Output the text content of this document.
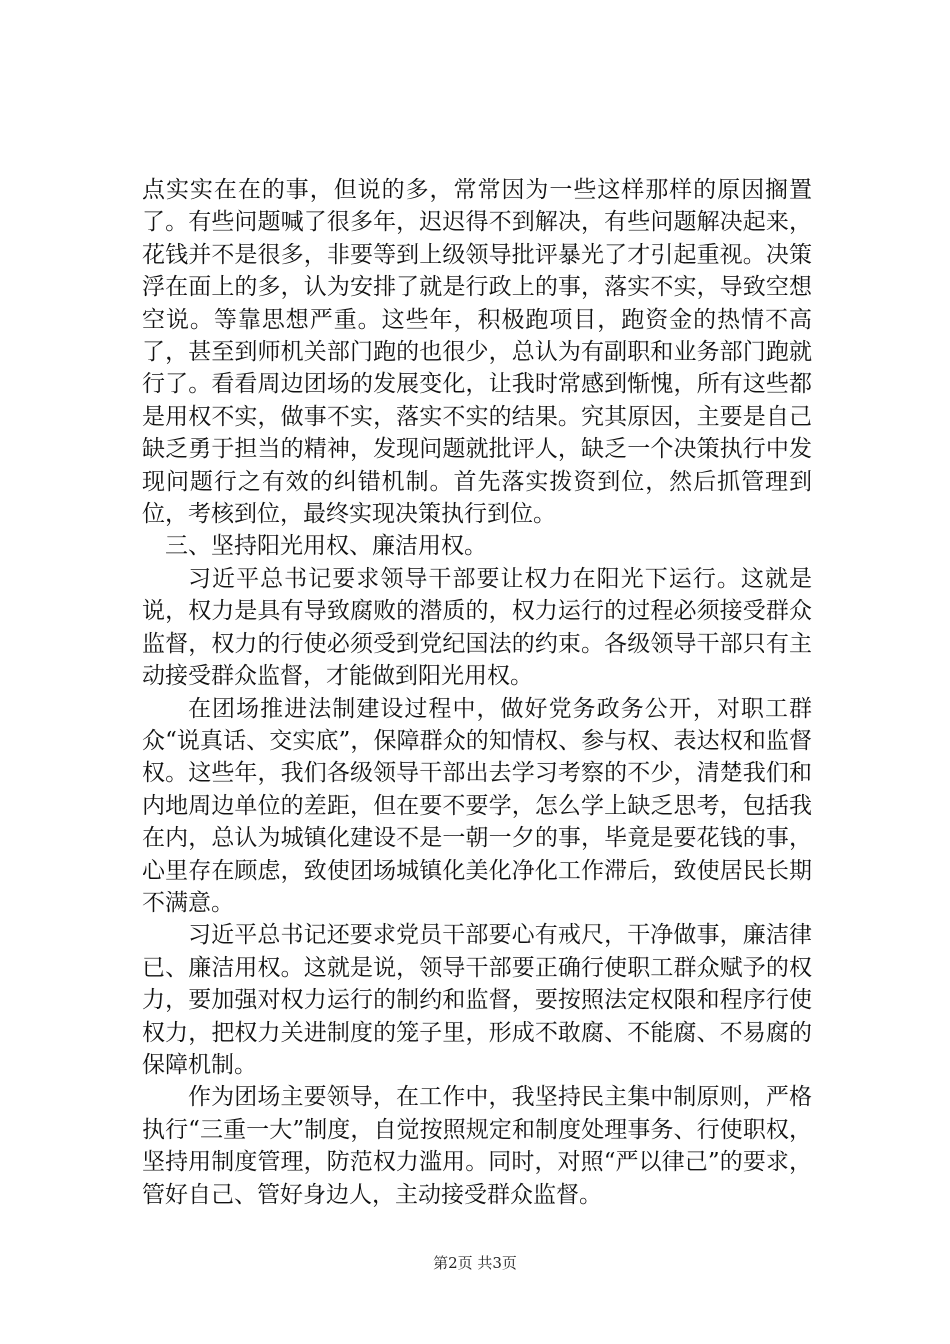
点实实在在的事，但说的多，常常因为一些这样那样的原因搁置了。有些问题喊了很多年，迟迟得不到解决，有些问题解决起来，花钱并不是很多，非要等到上级领导批评暴光了才引起重视。决策浮在面上的多，认为安排了就是行政上的事，落实不实，导致空想空说。等靠思想严重。这些年，积极跑项目，跑资金的热情不高了，甚至到师机关部门跑的也很少，总认为有副职和业务部门跑就行了。看看周边团场的发展变化，让我时常感到惭愧，所有这些都是用权不实，做事不实，落实不实的结果。究其原因，主要是自己缺乏勇于担当的精神，发现问题就批评人，缺乏一个决策执行中发现问题行之有效的纠错机制。首先落实拨资到位，然后抓管理到位，考核到位，最终实现决策执行到位。

三、坚持阳光用权、廉洁用权。

习近平总书记要求领导干部要让权力在阳光下运行。这就是说，权力是具有导致腐败的潜质的，权力运行的过程必须接受群众监督，权力的行使必须受到党纪国法的约束。各级领导干部只有主动接受群众监督，才能做到阳光用权。

在团场推进法制建设过程中，做好党务政务公开，对职工群众“说真话、交实底”，保障群众的知情权、参与权、表达权和监督权。这些年，我们各级领导干部出去学习考察的不少，清楚我们和内地周边单位的差距，但在要不要学，怎么学上缺乏思考，包括我在内，总认为城镇化建设不是一朝一夕的事，毕竟是要花钱的事，心里存在顾虑，致使团场城镇化美化净化工作滞后，致使居民长期不满意。

习近平总书记还要求党员干部要心有戒尺，干净做事，廉洁律已、廉洁用权。这就是说，领导干部要正确行使职工群众赋予的权力，要加强对权力运行的制约和监督，要按照法定权限和程序行使权力，把权力关进制度的笼子里，形成不敢腐、不能腐、不易腐的保障机制。

作为团场主要领导，在工作中，我坚持民主集中制原则，严格执行“三重一大”制度，自觉按照规定和制度处理事务、行使职权，坚持用制度管理，防范权力滥用。同时，对照“严以律己”的要求，管好自己、管好身边人，主动接受群众监督。

第2页 共3页
